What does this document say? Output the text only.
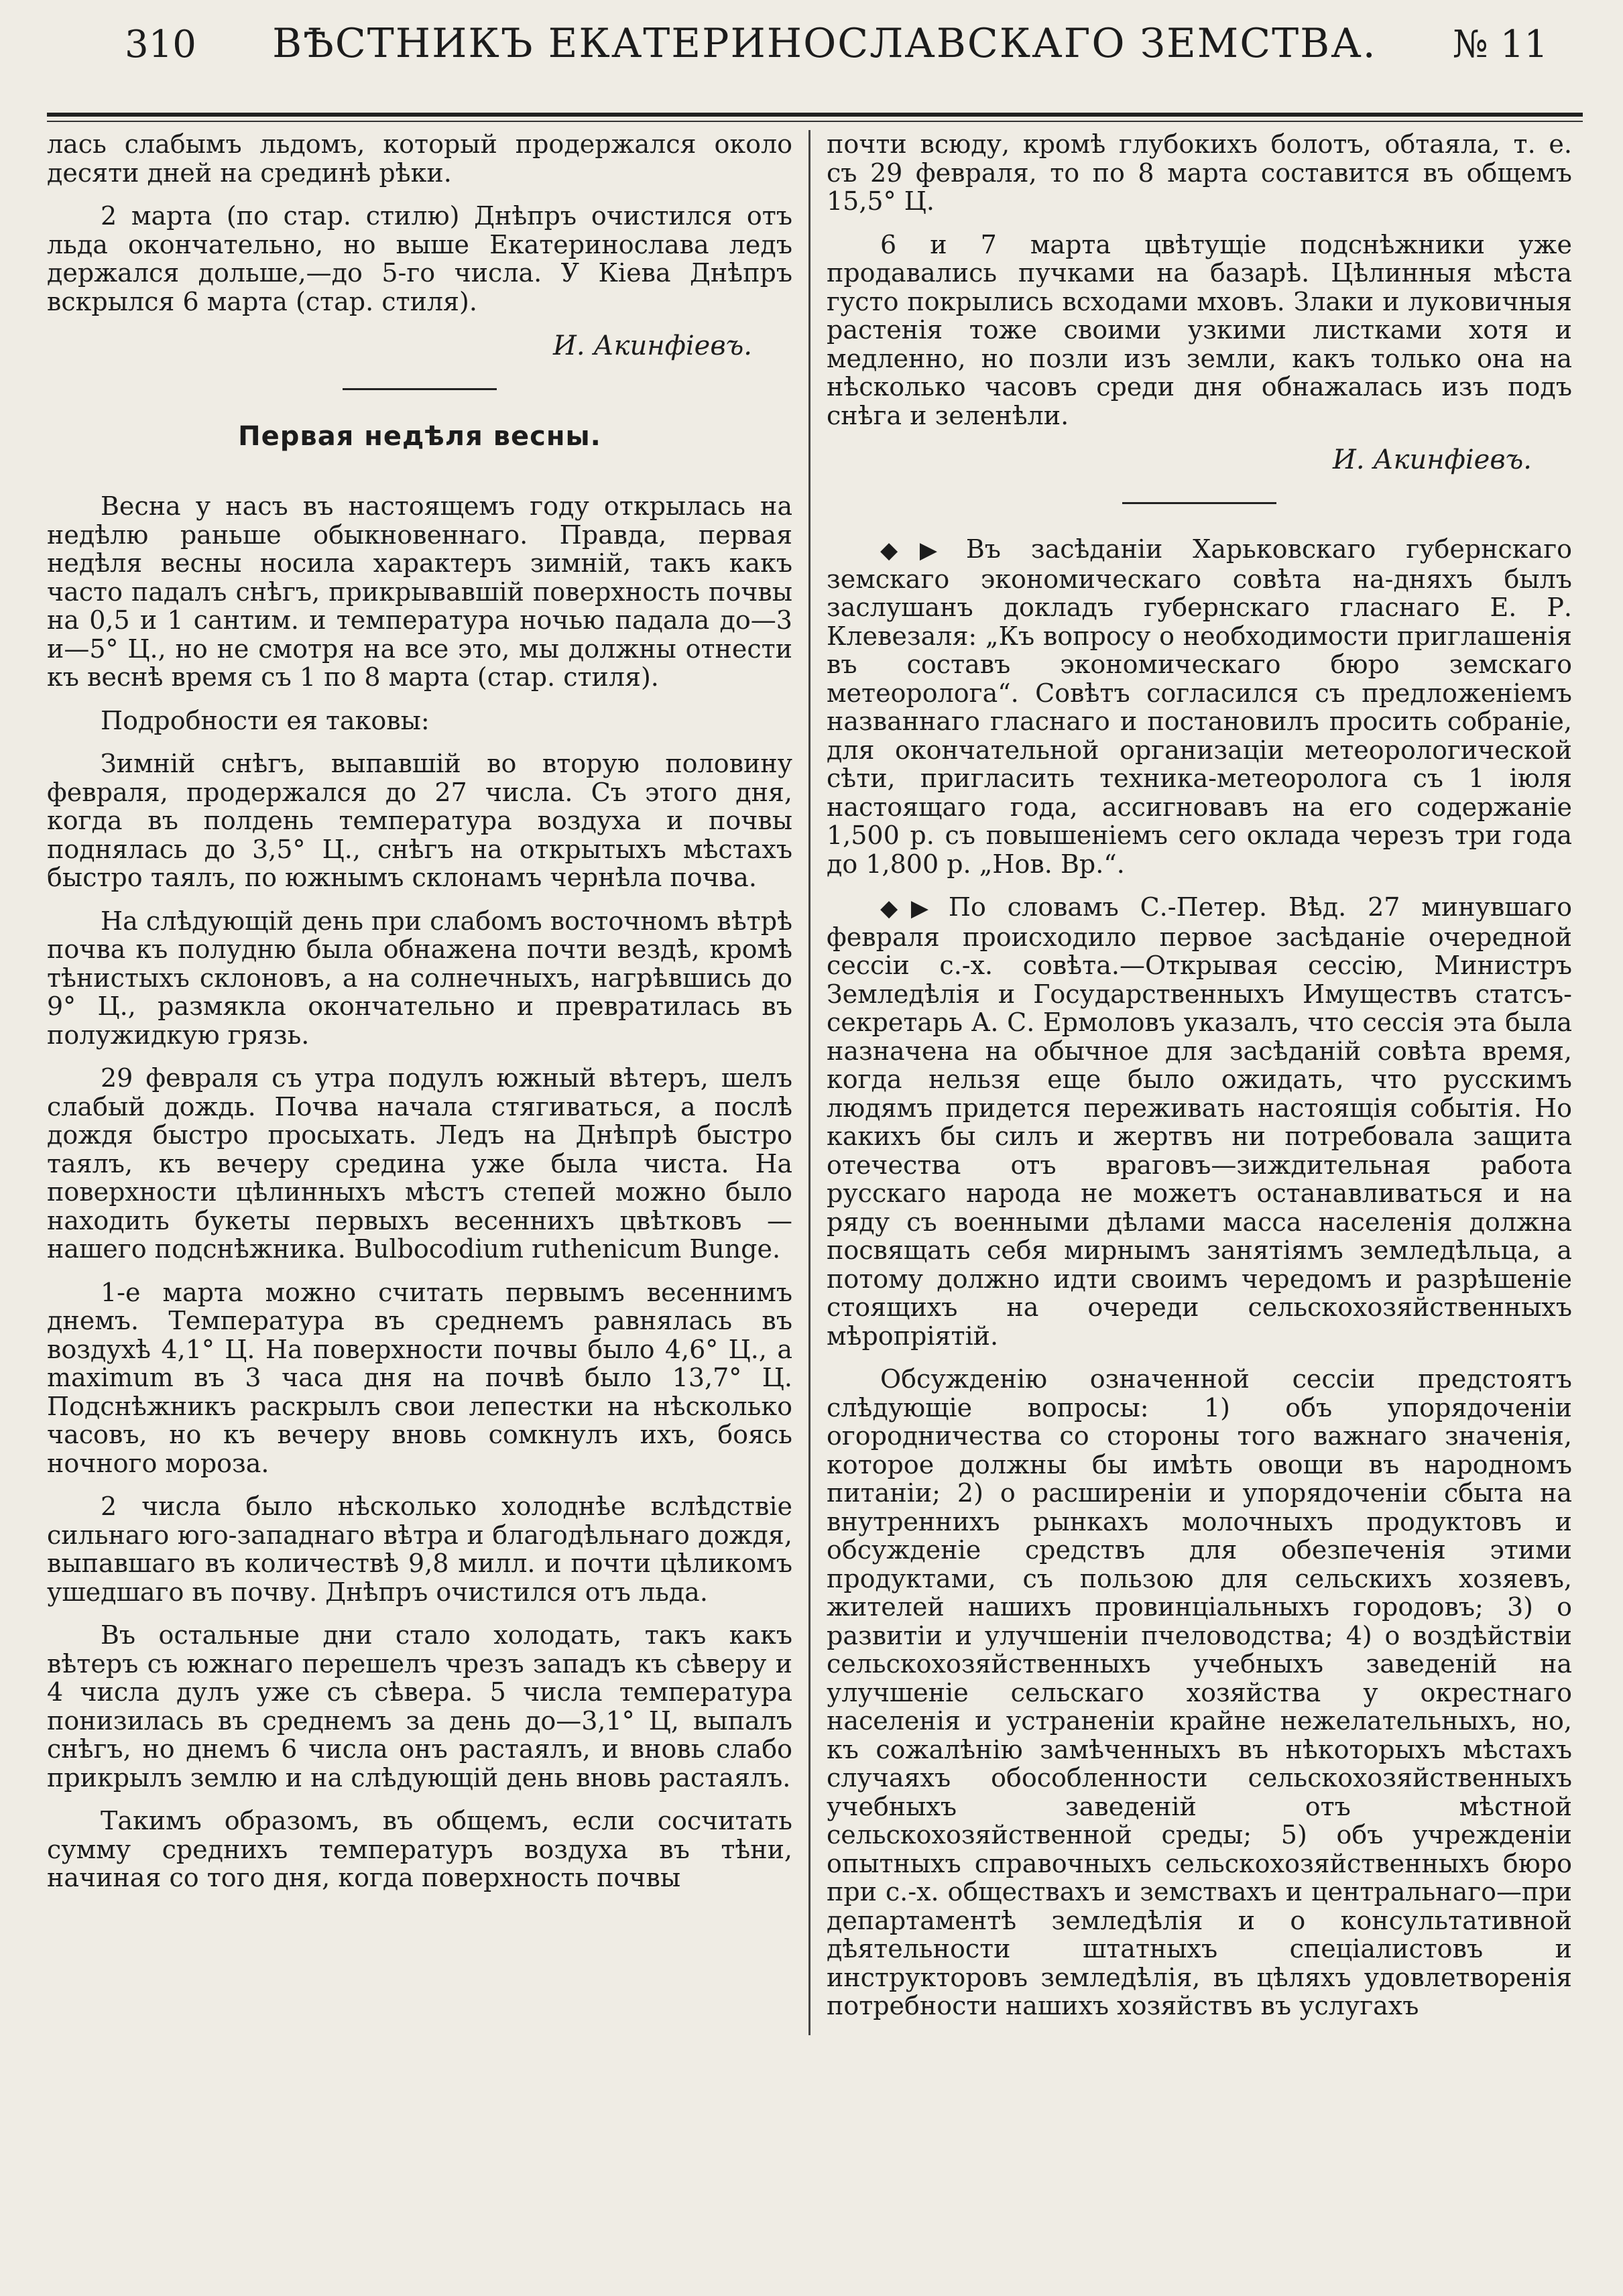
310 ВѢСТНИКЪ ЕКАТЕРИНОСЛАВСКАГО ЗЕМСТВА. № 11

лась слабымъ льдомъ, который продержался около десяти дней на срединѣ рѣки.

2 марта (по стар. стилю) Днѣпръ очистился отъ льда окончательно, но выше Екатеринослава ледъ держался дольше,—до 5-го числа. У Кіева Днѣпръ вскрылся 6 марта (стар. стиля).

И. Акинфіевъ.
Первая недѣля весны.

Весна у насъ въ настоящемъ году открылась на недѣлю раньше обыкновеннаго. Правда, первая недѣля весны носила характеръ зимній, такъ какъ часто падалъ снѣгъ, прикрывавшій поверхность почвы на 0,5 и 1 сантим. и температура ночью падала до—3 и—5° Ц., но не смотря на все это, мы должны отнести къ веснѣ время съ 1 по 8 марта (стар. стиля).

Подробности ея таковы:

Зимній снѣгъ, выпавшій во вторую половину февраля, продержался до 27 числа. Съ этого дня, когда въ полдень температура воздуха и почвы поднялась до 3,5° Ц., снѣгъ на открытыхъ мѣстахъ быстро таялъ, по южнымъ склонамъ чернѣла почва.

На слѣдующій день при слабомъ восточномъ вѣтрѣ почва къ полудню была обнажена почти вездѣ, кромѣ тѣнистыхъ склоновъ, а на солнечныхъ, нагрѣвшись до 9° Ц., размякла окончательно и превратилась въ полужидкую грязь.

29 февраля съ утра подулъ южный вѣтеръ, шелъ слабый дождь. Почва начала стягиваться, а послѣ дождя быстро просыхать. Ледъ на Днѣпрѣ быстро таялъ, къ вечеру средина уже была чиста. На поверхности цѣлинныхъ мѣстъ степей можно было находить букеты первыхъ весеннихъ цвѣтковъ — нашего подснѣжника. Bulbocodium ruthenicum Bunge.

1-е марта можно считать первымъ весеннимъ днемъ. Температура въ среднемъ равнялась въ воздухѣ 4,1° Ц. На поверхности почвы было 4,6° Ц., а maximum въ 3 часа дня на почвѣ было 13,7° Ц. Подснѣжникъ раскрылъ свои лепестки на нѣсколько часовъ, но къ вечеру вновь сомкнулъ ихъ, боясь ночного мороза.

2 числа было нѣсколько холоднѣе вслѣдствіе сильнаго юго-западнаго вѣтра и благодѣльнаго дождя, выпавшаго въ количествѣ 9,8 милл. и почти цѣликомъ ушедшаго въ почву. Днѣпръ очистился отъ льда.

Въ остальные дни стало холодать, такъ какъ вѣтеръ съ южнаго перешелъ чрезъ западъ къ сѣверу и 4 числа дулъ уже съ сѣвера. 5 числа температура понизилась въ среднемъ за день до—3,1° Ц, выпалъ снѣгъ, но днемъ 6 числа онъ растаялъ, и вновь слабо прикрылъ землю и на слѣдующій день вновь растаялъ.

Такимъ образомъ, въ общемъ, если сосчитать сумму среднихъ температуръ воздуха въ тѣни, начиная со того дня, когда поверхность почвы

почти всюду, кромѣ глубокихъ болотъ, обтаяла, т. е. съ 29 февраля, то по 8 марта составится въ общемъ 15,5° Ц.

6 и 7 марта цвѣтущіе подснѣжники уже продавались пучками на базарѣ. Цѣлинныя мѣста густо покрылись всходами мховъ. Злаки и луковичныя растенія тоже своими узкими листками хотя и медленно, но позли изъ земли, какъ только она на нѣсколько часовъ среди дня обнажалась изъ подъ снѣга и зеленѣли.

И. Акинфіевъ.

◆▶ Въ засѣданіи Харьковскаго губернскаго земскаго экономическаго совѣта на-дняхъ былъ заслушанъ докладъ губернскаго гласнаго Е. Р. Клевезаля: „Къ вопросу о необходимости приглашенія въ составъ экономическаго бюро земскаго метеоролога“. Совѣтъ согласился съ предложеніемъ названнаго гласнаго и постановилъ просить собраніе, для окончательной организаціи метеорологической сѣти, пригласить техника-метеоролога съ 1 іюля настоящаго года, ассигновавъ на его содержаніе 1,500 р. съ повышеніемъ сего оклада черезъ три года до 1,800 р. „Нов. Вр.“.

◆▶ По словамъ С.-Петер. Вѣд. 27 минувшаго февраля происходило первое засѣданіе очередной сессіи с.-х. совѣта.—Открывая сессію, Министръ Земледѣлія и Государственныхъ Имуществъ статсъ-секретарь А. С. Ермоловъ указалъ, что сессія эта была назначена на обычное для засѣданій совѣта время, когда нельзя еще было ожидать, что русскимъ людямъ придется переживать настоящія событія. Но какихъ бы силъ и жертвъ ни потребовала защита отечества отъ враговъ—зиждительная работа русскаго народа не можетъ останавливаться и на ряду съ военными дѣлами масса населенія должна посвящать себя мирнымъ занятіямъ земледѣльца, а потому должно идти своимъ чередомъ и разрѣшеніе стоящихъ на очереди сельскохозяйственныхъ мѣропріятій.

Обсужденію означенной сессіи предстоятъ слѣдующіе вопросы: 1) объ упорядоченіи огородничества со стороны того важнаго значенія, которое должны бы имѣть овощи въ народномъ питаніи; 2) о расширеніи и упорядоченіи сбыта на внутреннихъ рынкахъ молочныхъ продуктовъ и обсужденіе средствъ для обезпеченія этими продуктами, съ пользою для сельскихъ хозяевъ, жителей нашихъ провинціальныхъ городовъ; 3) о развитіи и улучшеніи пчеловодства; 4) о воздѣйствіи сельскохозяйственныхъ учебныхъ заведеній на улучшеніе сельскаго хозяйства у окрестнаго населенія и устраненіи крайне нежелательныхъ, но, къ сожалѣнію замѣченныхъ въ нѣкоторыхъ мѣстахъ случаяхъ обособленности сельскохозяйственныхъ учебныхъ заведеній отъ мѣстной сельскохозяйственной среды; 5) объ учрежденіи опытныхъ справочныхъ сельскохозяйственныхъ бюро при с.-х. обществахъ и земствахъ и центральнаго—при департаментѣ земледѣлія и о консультативной дѣятельности штатныхъ спеціалистовъ и инструкторовъ земледѣлія, въ цѣляхъ удовлетворенія потребности нашихъ хозяйствъ въ услугахъ
